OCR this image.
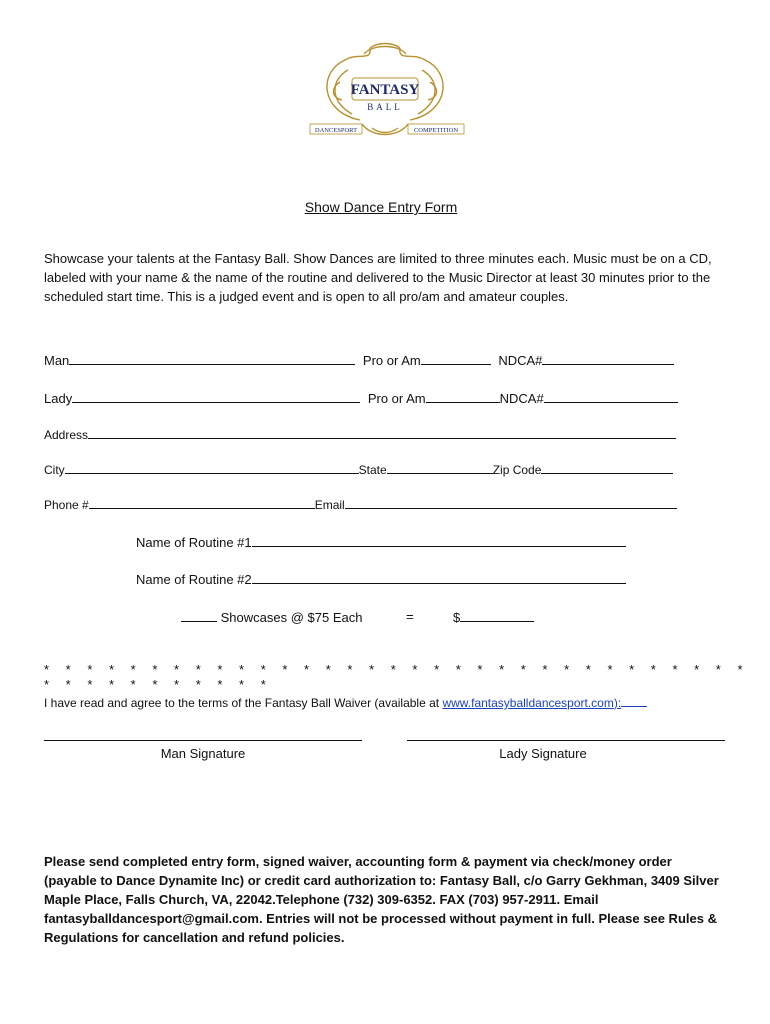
FANTASY
BALL
DANCESPORT	COMPETITION
Show Dance Entry Form
Showcase your talents at the Fantasy Ball. Show Dances are limited to three minutes each. Music must be on a CD, labeled with your name & the name of the routine and delivered to the Music Director at least 30 minutes prior to the scheduled start time. This is a judged event and is open to all pro/am and amateur couples.
Man	Pro or Am	NDCA#
Lady	Pro or Am	NDCA#
Address
City	State	Zip Code
Phone #	Email
Name of Routine #1
Name of Routine #2
Showcases @ $75 Each	=	$
* * * * * * * * * * * * * * * * * * * * * * * * * * * * * * * * * * * * * * * * * * * *
I have read and agree to the terms of the Fantasy Ball Waiver (available at www.fantasyballdancesport.com):
Man Signature	Lady Signature
Please send completed entry form, signed waiver, accounting form & payment via check/money order (payable to Dance Dynamite Inc) or credit card authorization to: Fantasy Ball, c/o Garry Gekhman, 3409 Silver Maple Place, Falls Church, VA, 22042.Telephone (732) 309-6352. FAX (703) 957-2911. Email fantasyballdancesport@gmail.com. Entries will not be processed without payment in full. Please see Rules & Regulations for cancellation and refund policies.
